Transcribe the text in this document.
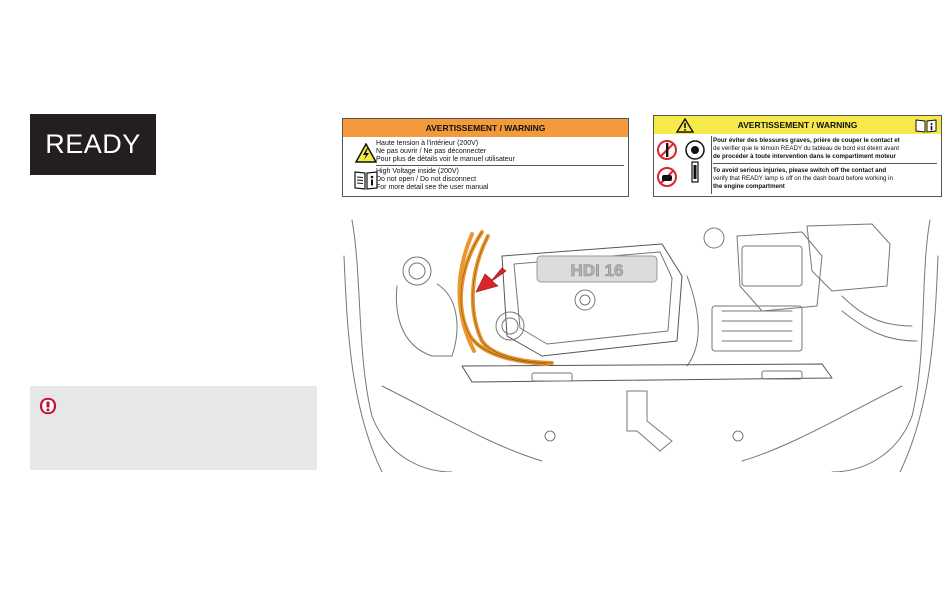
READY
AVERTISSEMENT / WARNING
Haute tension à l'intérieur (200V)
Ne pas ouvrir / Ne pas déconnecter
Pour plus de détails voir le manuel utilisateur
High Voltage inside (200V)
Do not open / Do not disconnect
For more detail see the user manual
AVERTISSEMENT / WARNING
Pour éviter des blessures graves, prière de couper le contact et
de verifier que le témoin READY du tableau de bord est éteint avant
de procéder à toute intervention dans le compartiment moteur
To avoid serious injuries, please switch off the contact and
verify that READY lamp is off on the dash board before working in
the engine compartment
HDI 16
